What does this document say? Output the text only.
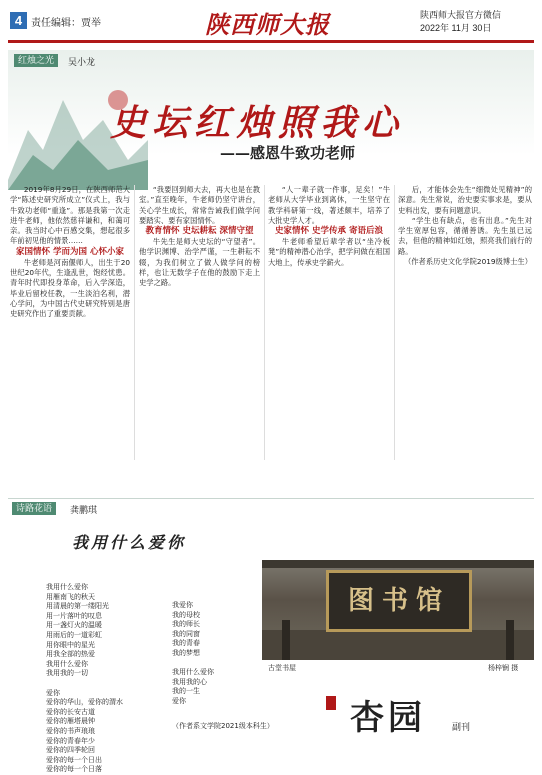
4 责任编辑：贾举	陕西师大报	陕西师大报官方微信
2022年 11月 30日
红烛之光	吴小龙
史坛红烛照我心
——感恩牛致功老师

2019年8月29日，在陕西师范大学“陈述史研究所成立”仪式上，我与牛致功老师“重逢”。那是我第一次走进牛老师，他依然慈祥谦和，和蔼可亲。我当时心中百感交集，想起很多年前初见他的情景……

家国情怀 学而为国 心怀小家

牛老师是河南偃师人，出生于20世纪20年代，生逢乱世，饱经忧患。青年时代即投身革命，后入学深造，毕业后留校任教，一生淡泊名利，潜心学问，为中国古代史研究特别是唐史研究作出了重要贡献。

“我要回到师大去，再大也是在教室。”直至晚年，牛老师仍坚守讲台，关心学生成长，常常告诫我们做学问要踏实、要有家国情怀。

教育情怀 史坛耕耘 深情守望

牛先生是师大史坛的“守望者”。他学识渊博、治学严谨，一生耕耘不辍，为我们树立了做人做学问的榜样，也让无数学子在他的鼓励下走上史学之路。

“人一辈子就一件事，足矣！”牛老师从大学毕业到离休，一生坚守在教学科研第一线，著述颇丰，培养了大批史学人才。

史家情怀 史学传承 寄语后浪

牛老师希望后辈学者以“坐冷板凳”的精神潜心治学，把学问做在祖国大地上，传承史学薪火。

后，才能体会先生“细微处见精神”的深意。先生常说，治史要实事求是，要从史料出发，要有问题意识。

“学生也有缺点，也有出息。”先生对学生宽厚包容，循循善诱。先生虽已远去，但他的精神如红烛，照亮我们前行的路。

（作者系历史文化学院2019级博士生）

诗路花语	龚鹏琪
我用什么爱你
我用什么爱你
用雁南飞的秋天
用清晨的第一缕阳光
用一片落叶的叹息
用一盏灯火的温暖
用雨后的一道彩虹
用你眼中的星光
用我全部的热爱
我用什么爱你
我用我的一切

爱你
爱你的华山，爱你的渭水
爱你的长安古道
爱你的雁塔晨钟
爱你的书声琅琅
爱你的青春年少
爱你的四季轮回
爱你的每一个日出
爱你的每一个日落
我爱你
我的母校
我的师长
我的同窗
我的青春
我的梦想

我用什么爱你
我用我的心
我的一生
爱你
（作者系文学院2021级本科生）
图书馆
古堂书屋	杨梓锎 摄
杏园	副刊
